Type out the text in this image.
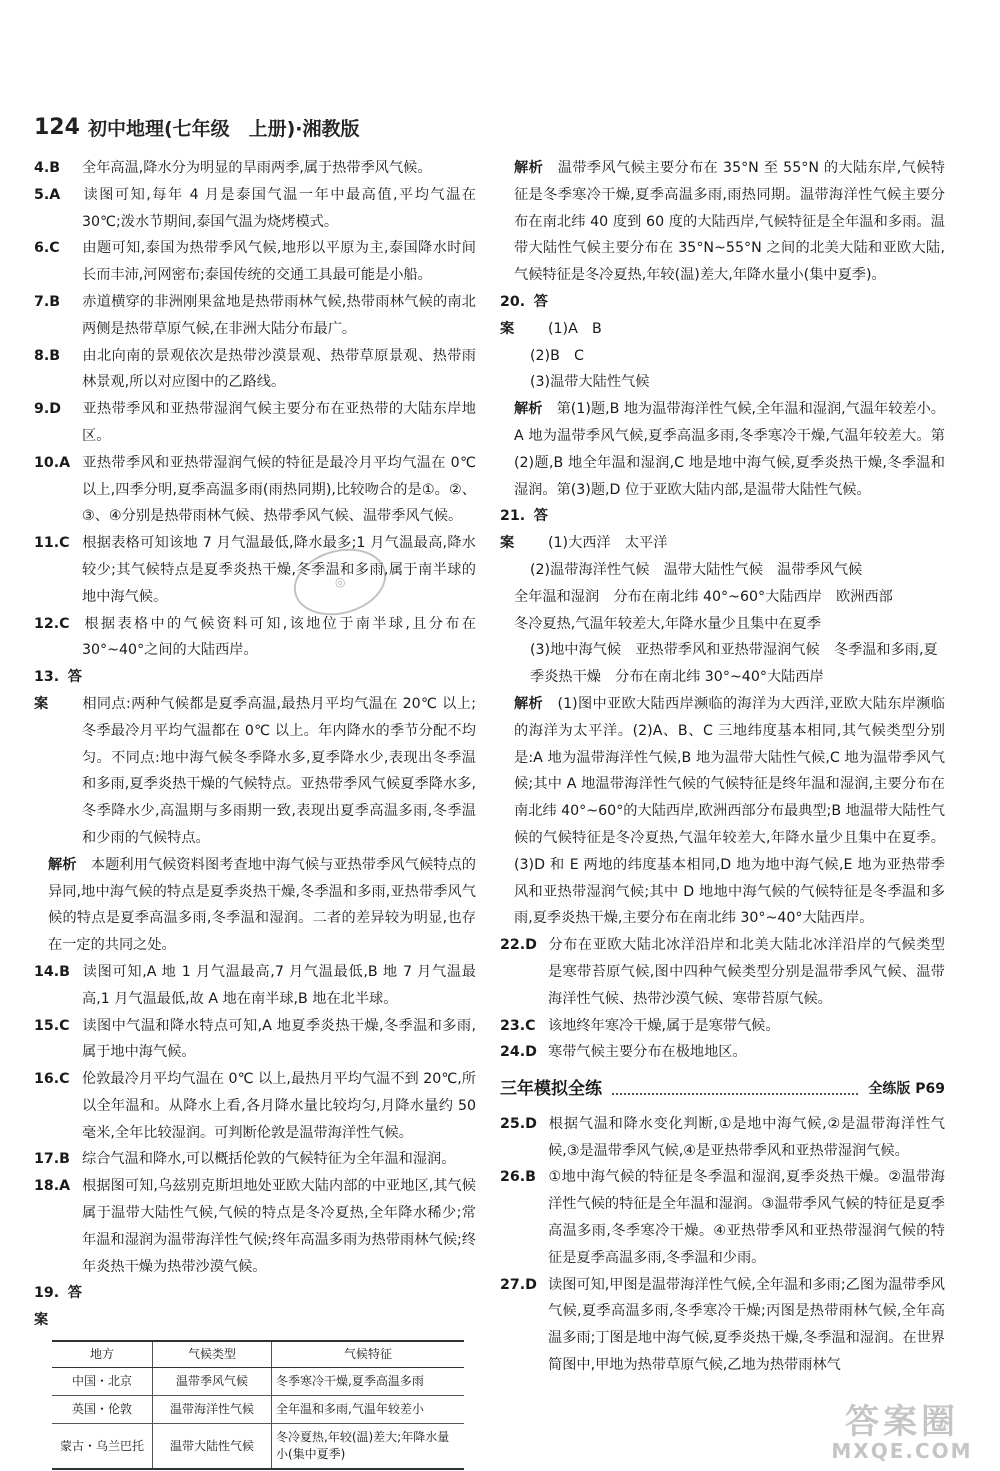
124 初中地理(七年级　上册)·湘教版

4.B 全年高温,降水分为明显的旱雨两季,属于热带季风气候。

5.A 读图可知,每年 4 月是泰国气温一年中最高值,平均气温在 30℃;泼水节期间,泰国气温为烧烤模式。

6.C 由题可知,泰国为热带季风气候,地形以平原为主,泰国降水时间长而丰沛,河网密布;泰国传统的交通工具最可能是小船。

7.B 赤道横穿的非洲刚果盆地是热带雨林气候,热带雨林气候的南北两侧是热带草原气候,在非洲大陆分布最广。

8.B 由北向南的景观依次是热带沙漠景观、热带草原景观、热带雨林景观,所以对应图中的乙路线。

9.D 亚热带季风和亚热带湿润气候主要分布在亚热带的大陆东岸地区。

10.A 亚热带季风和亚热带湿润气候的特征是最冷月平均气温在 0℃ 以上,四季分明,夏季高温多雨(雨热同期),比较吻合的是①。②、③、④分别是热带雨林气候、热带季风气候、温带季风气候。

11.C 根据表格可知该地 7 月气温最低,降水最多;1 月气温最高,降水较少;其气候特点是夏季炎热干燥,冬季温和多雨,属于南半球的地中海气候。

12.C 根据表格中的气候资料可知,该地位于南半球,且分布在 30°~40°之间的大陆西岸。

13.答案 相同点:两种气候都是夏季高温,最热月平均气温在 20℃ 以上;冬季最冷月平均气温都在 0℃ 以上。年内降水的季节分配不均匀。不同点:地中海气候冬季降水多,夏季降水少,表现出冬季温和多雨,夏季炎热干燥的气候特点。亚热带季风气候夏季降水多,冬季降水少,高温期与多雨期一致,表现出夏季高温多雨,冬季温和少雨的气候特点。

解析　 本题利用气候资料图考查地中海气候与亚热带季风气候特点的异同,地中海气候的特点是夏季炎热干燥,冬季温和多雨,亚热带季风气候的特点是夏季高温多雨,冬季温和湿润。二者的差异较为明显,也存在一定的共同之处。

14.B 读图可知,A 地 1 月气温最高,7 月气温最低,B 地 7 月气温最高,1 月气温最低,故 A 地在南半球,B 地在北半球。

15.C 读图中气温和降水特点可知,A 地夏季炎热干燥,冬季温和多雨,属于地中海气候。

16.C 伦敦最冷月平均气温在 0℃ 以上,最热月平均气温不到 20℃,所以全年温和。从降水上看,各月降水量比较均匀,月降水量约 50 毫米,全年比较湿润。可判断伦敦是温带海洋性气候。

17.B 综合气温和降水,可以概括伦敦的气候特征为全年温和湿润。

18.A 根据图可知,乌兹别克斯坦地处亚欧大陆内部的中亚地区,其气候属于温带大陆性气候,气候的特点是冬冷夏热,全年降水稀少;常年温和湿润为温带海洋性气候;终年高温多雨为热带雨林气候;终年炎热干燥为热带沙漠气候。

19.答案

地方	气候类型	气候特征
中国・北京	温带季风气候	冬季寒冷干燥,夏季高温多雨
英国・伦敦	温带海洋性气候	全年温和多雨,气温年较差小
蒙古・乌兰巴托	温带大陆性气候	冬冷夏热,年较(温)差大;年降水量小(集中夏季)

解析　 温带季风气候主要分布在 35°N 至 55°N 的大陆东岸,气候特征是冬季寒冷干燥,夏季高温多雨,雨热同期。温带海洋性气候主要分布在南北纬 40 度到 60 度的大陆西岸,气候特征是全年温和多雨。温带大陆性气候主要分布在 35°N~55°N 之间的北美大陆和亚欧大陆,气候特征是冬冷夏热,年较(温)差大,年降水量小(集中夏季)。

20.答案 (1)A　B

(2)B　C

(3)温带大陆性气候

解析　 第(1)题,B 地为温带海洋性气候,全年温和湿润,气温年较差小。A 地为温带季风气候,夏季高温多雨,冬季寒冷干燥,气温年较差大。第(2)题,B 地全年温和湿润,C 地是地中海气候,夏季炎热干燥,冬季温和湿润。第(3)题,D 位于亚欧大陆内部,是温带大陆性气候。

21.答案 (1)大西洋　太平洋

(2)温带海洋性气候　温带大陆性气候　温带季风气候

全年温和湿润　分布在南北纬 40°~60°大陆西岸　欧洲西部

冬冷夏热,气温年较差大,年降水量少且集中在夏季

(3)地中海气候　亚热带季风和亚热带湿润气候　冬季温和多雨,夏季炎热干燥　分布在南北纬 30°~40°大陆西岸

解析　 (1)图中亚欧大陆西岸濒临的海洋为大西洋,亚欧大陆东岸濒临的海洋为太平洋。(2)A、B、C 三地纬度基本相同,其气候类型分别是:A 地为温带海洋性气候,B 地为温带大陆性气候,C 地为温带季风气候;其中 A 地温带海洋性气候的气候特征是终年温和湿润,主要分布在南北纬 40°~60°的大陆西岸,欧洲西部分布最典型;B 地温带大陆性气候的气候特征是冬冷夏热,气温年较差大,年降水量少且集中在夏季。(3)D 和 E 两地的纬度基本相同,D 地为地中海气候,E 地为亚热带季风和亚热带湿润气候;其中 D 地地中海气候的气候特征是冬季温和多雨,夏季炎热干燥,主要分布在南北纬 30°~40°大陆西岸。

22.D 分布在亚欧大陆北冰洋沿岸和北美大陆北冰洋沿岸的气候类型是寒带苔原气候,图中四种气候类型分别是温带季风气候、温带海洋性气候、热带沙漠气候、寒带苔原气候。

23.C 该地终年寒冷干燥,属于是寒带气候。

24.D 寒带气候主要分布在极地地区。

三年模拟全练	全练版 P69

25.D 根据气温和降水变化判断,①是地中海气候,②是温带海洋性气候,③是温带季风气候,④是亚热带季风和亚热带湿润气候。

26.B ①地中海气候的特征是冬季温和湿润,夏季炎热干燥。②温带海洋性气候的特征是全年温和湿润。③温带季风气候的特征是夏季高温多雨,冬季寒冷干燥。④亚热带季风和亚热带湿润气候的特征是夏季高温多雨,冬季温和少雨。

27.D 读图可知,甲图是温带海洋性气候,全年温和多雨;乙图为温带季风气候,夏季高温多雨,冬季寒冷干燥;丙图是热带雨林气候,全年高温多雨;丁图是地中海气候,夏季炎热干燥,冬季温和湿润。在世界简图中,甲地为热带草原气候,乙地为热带雨林气

◎
答案圈
MXQE.COM
